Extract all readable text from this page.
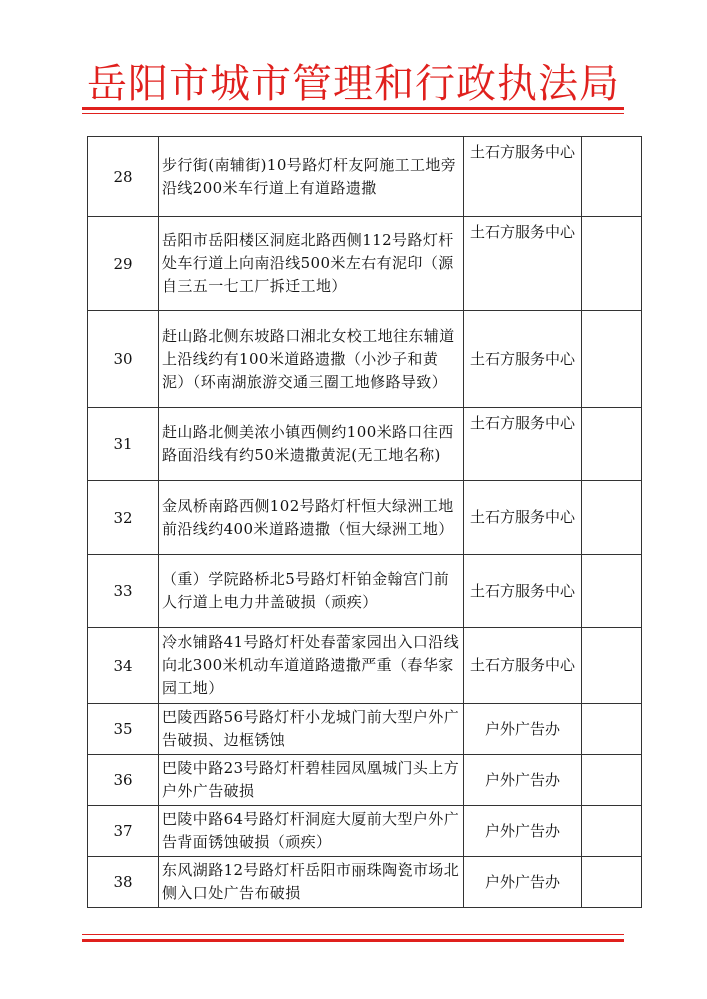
岳阳市城市管理和行政执法局
28	步行街(南辅街)10号路灯杆友阿施工工地旁沿线200米车行道上有道路遗撒	土石方服务中心	
29	岳阳市岳阳楼区洞庭北路西侧112号路灯杆处车行道上向南沿线500米左右有泥印（源自三五一七工厂拆迁工地）	土石方服务中心	
30	赶山路北侧东坡路口湘北女校工地往东辅道上沿线约有100米道路遗撒（小沙子和黄泥）（环南湖旅游交通三圈工地修路导致）	土石方服务中心	
31	赶山路北侧美浓小镇西侧约100米路口往西路面沿线有约50米遗撒黄泥(无工地名称)	土石方服务中心	
32	金凤桥南路西侧102号路灯杆恒大绿洲工地前沿线约400米道路遗撒（恒大绿洲工地）	土石方服务中心	
33	（重）学院路桥北5号路灯杆铂金翰宫门前人行道上电力井盖破损（顽疾）	土石方服务中心	
34	冷水铺路41号路灯杆处春蕾家园出入口沿线向北300米机动车道道路遗撒严重（春华家园工地）	土石方服务中心	
35	巴陵西路56号路灯杆小龙城门前大型户外广告破损、边框锈蚀	户外广告办	
36	巴陵中路23号路灯杆碧桂园凤凰城门头上方户外广告破损	户外广告办	
37	巴陵中路64号路灯杆洞庭大厦前大型户外广告背面锈蚀破损（顽疾）	户外广告办	
38	东风湖路12号路灯杆岳阳市丽珠陶瓷市场北侧入口处广告布破损	户外广告办	
